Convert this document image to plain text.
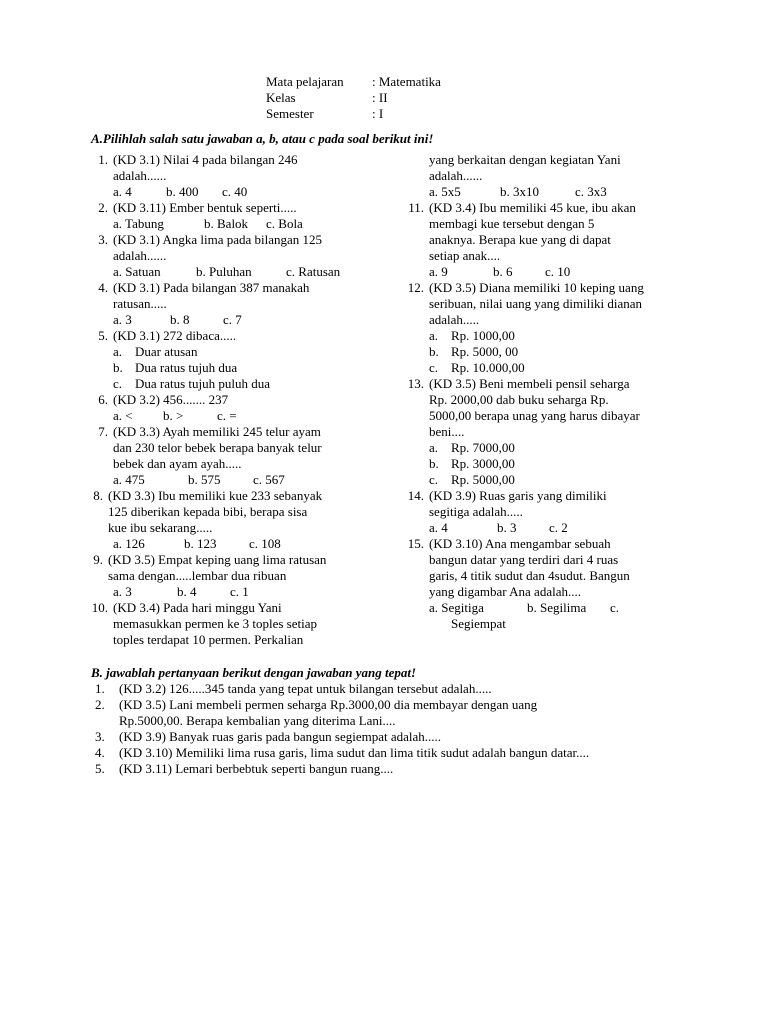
Mata pelajaran : Matematika
Kelas	: II
Semester	: I
A.Pilihlah salah satu jawaban a, b, atau c pada soal berikut ini!
1. (KD 3.1) Nilai 4 pada bilangan 246
adalah......
a. 4	b. 400 c. 40
2. (KD 3.11) Ember bentuk seperti.....
a. Tabung	b. Balok c. Bola
3. (KD 3.1) Angka lima pada bilangan 125
adalah......
a. Satuan	b. Puluhan	c. Ratusan
4. (KD 3.1) Pada bilangan 387 manakah
ratusan.....
a. 3	b. 8	c. 7
5. (KD 3.1) 272 dibaca.....
a. Duar atusan
b. Dua ratus tujuh dua
c. Dua ratus tujuh puluh dua
6. (KD 3.2) 456....... 237
a. < b. >	c. =
7. (KD 3.3) Ayah memiliki 245 telur ayam
dan 230 telor bebek berapa banyak telur
bebek dan ayam ayah.....
a. 475	b. 575	c. 567
8. (KD 3.3) Ibu memiliki kue 233 sebanyak
125 diberikan kepada bibi, berapa sisa
kue ibu sekarang.....
a. 126	b. 123	c. 108
9. (KD 3.5) Empat keping uang lima ratusan
sama dengan.....lembar dua ribuan
a. 3	b. 4	c. 1
10. (KD 3.4) Pada hari minggu Yani
memasukkan permen ke 3 toples setiap
toples terdapat 10 permen. Perkalian
yang berkaitan dengan kegiatan Yani
adalah......
a. 5x5	b. 3x10	c. 3x3
11. (KD 3.4) Ibu memiliki 45 kue, ibu akan
membagi kue tersebut dengan 5
anaknya. Berapa kue yang di dapat
setiap anak....
a. 9	b. 6	c. 10
12. (KD 3.5) Diana memiliki 10 keping uang
seribuan, nilai uang yang dimiliki dianan
adalah.....
a. Rp. 1000,00
b. Rp. 5000, 00
c. Rp. 10.000,00
13. (KD 3.5) Beni membeli pensil seharga
Rp. 2000,00 dab buku seharga Rp.
5000,00 berapa unag yang harus dibayar
beni....
a. Rp. 7000,00
b. Rp. 3000,00
c. Rp. 5000,00
14. (KD 3.9) Ruas garis yang dimiliki
segitiga adalah.....
a. 4	b. 3	c. 2
15. (KD 3.10) Ana mengambar sebuah
bangun datar yang terdiri dari 4 ruas
garis, 4 titik sudut dan 4sudut. Bangun
yang digambar Ana adalah....
a. Segitiga	b. Segilima c.
Segiempat
B. jawablah pertanyaan berikut dengan jawaban yang tepat!
1. (KD 3.2) 126.....345 tanda yang tepat untuk bilangan tersebut adalah.....
2. (KD 3.5) Lani membeli permen seharga Rp.3000,00 dia membayar dengan uang
Rp.5000,00. Berapa kembalian yang diterima Lani....
3. (KD 3.9) Banyak ruas garis pada bangun segiempat adalah.....
4. (KD 3.10) Memiliki lima rusa garis, lima sudut dan lima titik sudut adalah bangun datar....
5. (KD 3.11) Lemari berbebtuk seperti bangun ruang....
